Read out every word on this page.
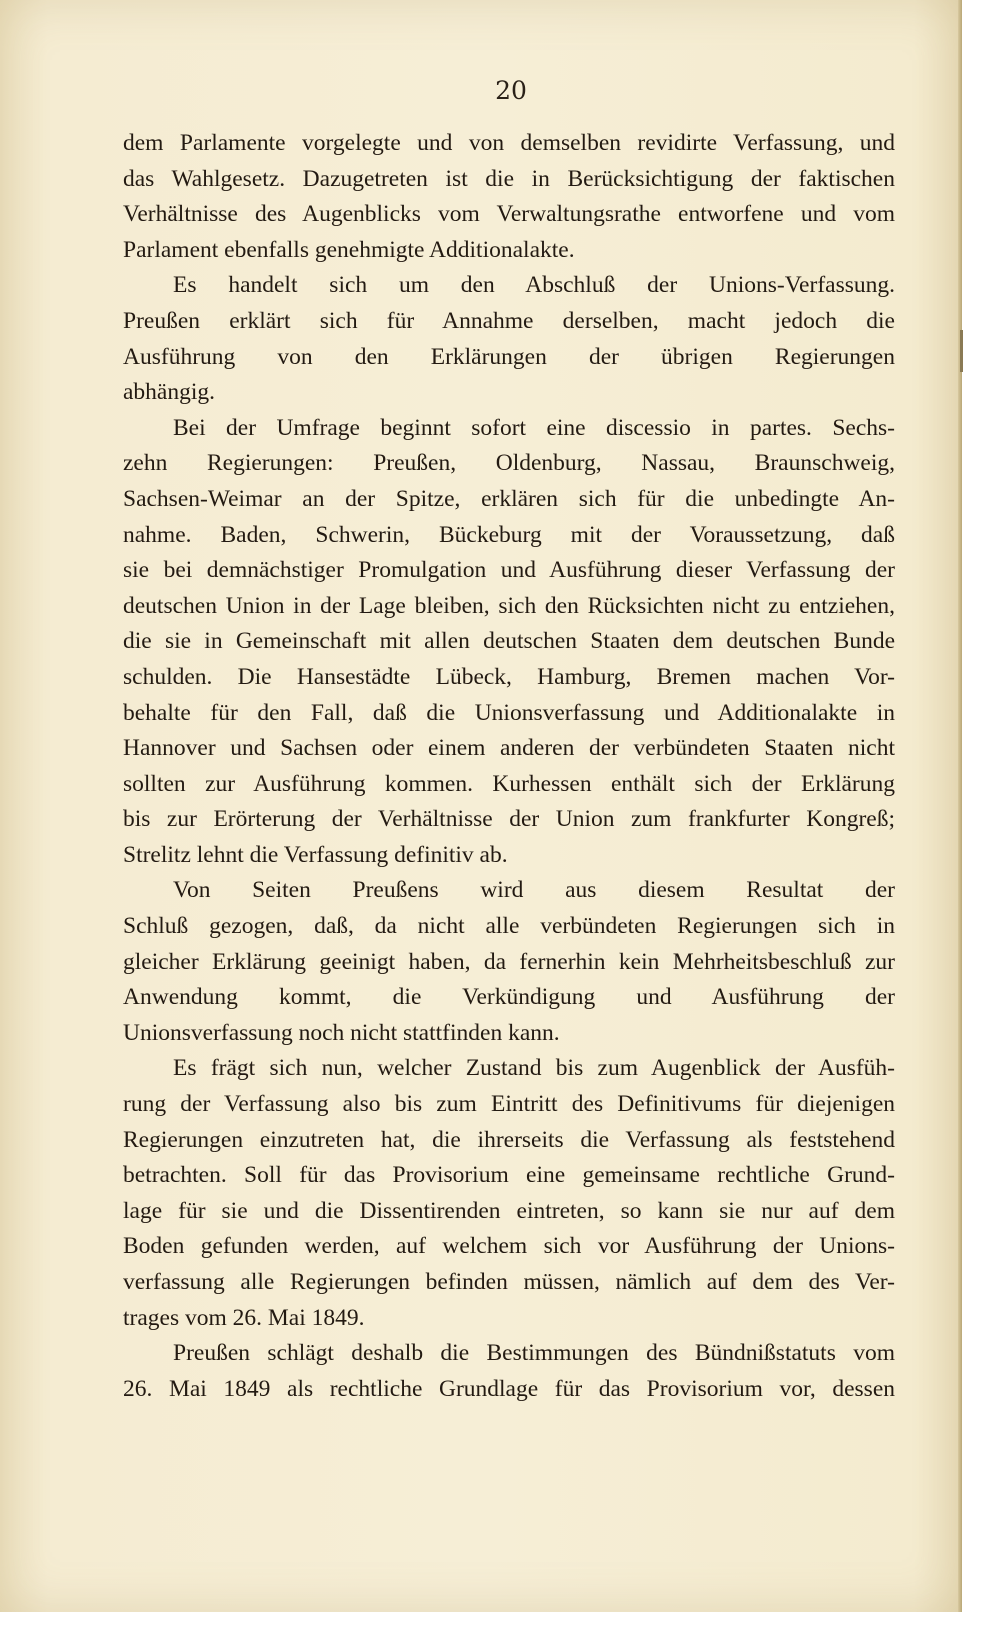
20
dem Parlamente vorgelegte und von demselben revidirte Verfassung, und
das Wahlgesetz. Dazugetreten ist die in Berücksichtigung der faktischen
Verhältnisse des Augenblicks vom Verwaltungsrathe entworfene und vom
Parlament ebenfalls genehmigte Additionalakte.
Es handelt sich um den Abschluß der Unions-Verfassung.
Preußen erklärt sich für Annahme derselben, macht jedoch die
Ausführung von den Erklärungen der übrigen Regierungen
abhängig.
Bei der Umfrage beginnt sofort eine discessio in partes. Sechs-
zehn Regierungen: Preußen, Oldenburg, Nassau, Braunschweig,
Sachsen-Weimar an der Spitze, erklären sich für die unbedingte An-
nahme. Baden, Schwerin, Bückeburg mit der Voraussetzung, daß
sie bei demnächstiger Promulgation und Ausführung dieser Verfassung der
deutschen Union in der Lage bleiben, sich den Rücksichten nicht zu entziehen,
die sie in Gemeinschaft mit allen deutschen Staaten dem deutschen Bunde
schulden. Die Hansestädte Lübeck, Hamburg, Bremen machen Vor-
behalte für den Fall, daß die Unionsverfassung und Additionalakte in
Hannover und Sachsen oder einem anderen der verbündeten Staaten nicht
sollten zur Ausführung kommen. Kurhessen enthält sich der Erklärung
bis zur Erörterung der Verhältnisse der Union zum frankfurter Kongreß;
Strelitz lehnt die Verfassung definitiv ab.
Von Seiten Preußens wird aus diesem Resultat der
Schluß gezogen, daß, da nicht alle verbündeten Regierungen sich in
gleicher Erklärung geeinigt haben, da fernerhin kein Mehrheitsbeschluß zur
Anwendung kommt, die Verkündigung und Ausführung der
Unionsverfassung noch nicht stattfinden kann.
Es frägt sich nun, welcher Zustand bis zum Augenblick der Ausfüh-
rung der Verfassung also bis zum Eintritt des Definitivums für diejenigen
Regierungen einzutreten hat, die ihrerseits die Verfassung als feststehend
betrachten. Soll für das Provisorium eine gemeinsame rechtliche Grund-
lage für sie und die Dissentirenden eintreten, so kann sie nur auf dem
Boden gefunden werden, auf welchem sich vor Ausführung der Unions-
verfassung alle Regierungen befinden müssen, nämlich auf dem des Ver-
trages vom 26. Mai 1849.
Preußen schlägt deshalb die Bestimmungen des Bündnißstatuts vom
26. Mai 1849 als rechtliche Grundlage für das Provisorium vor, dessen
